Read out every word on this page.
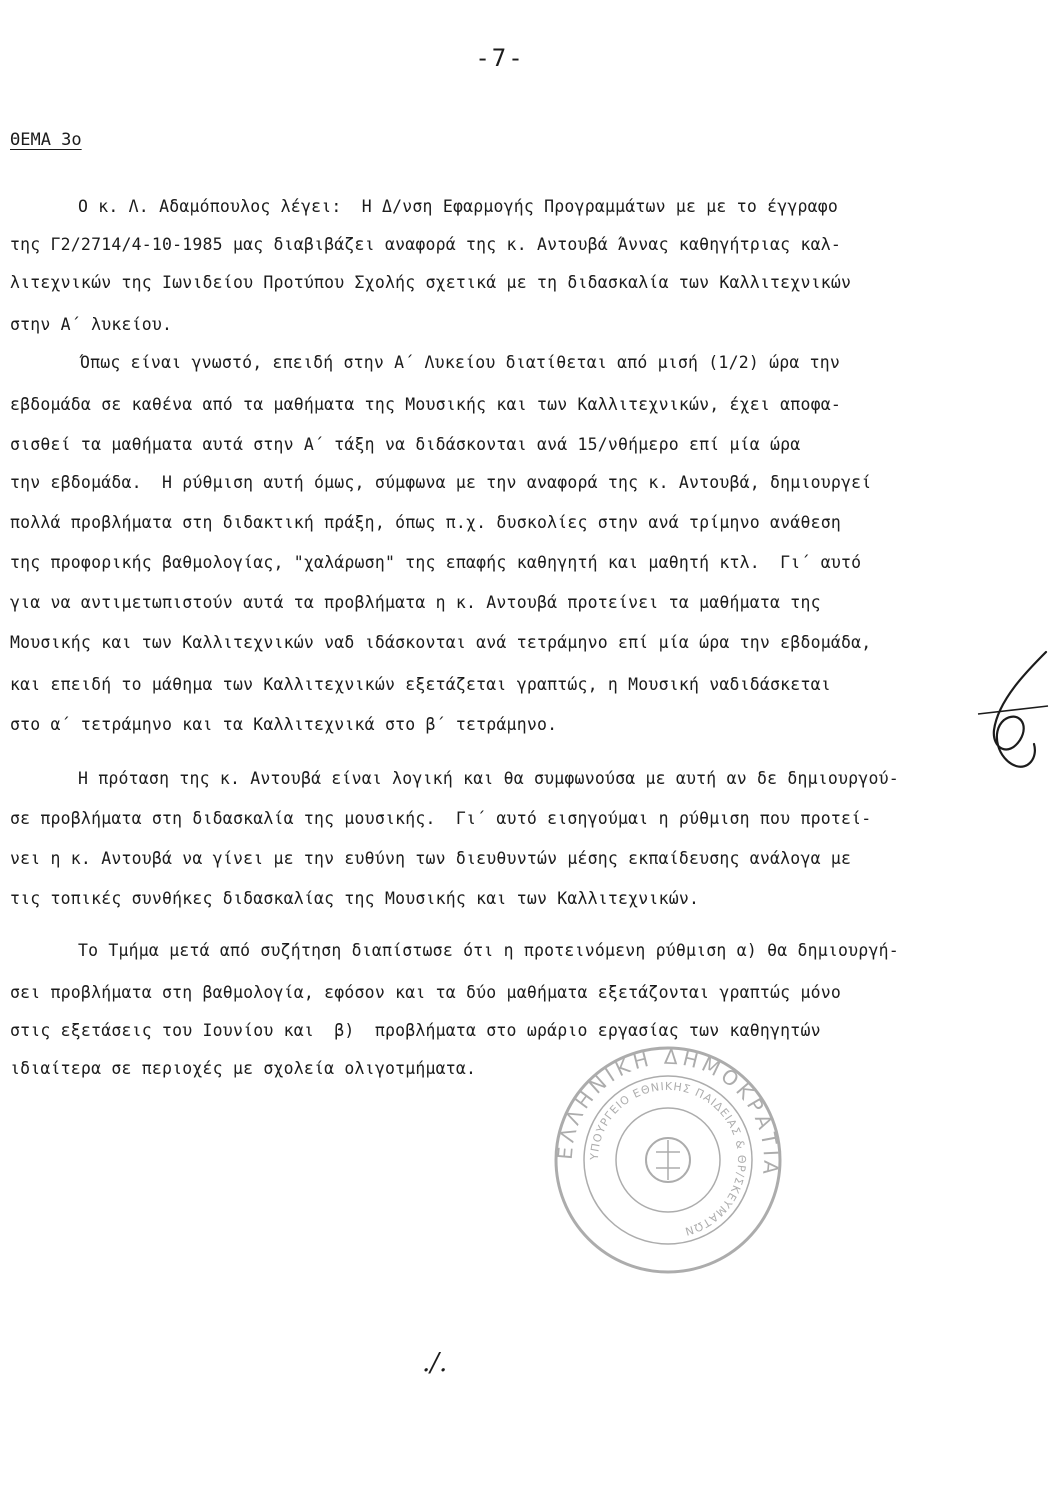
-7-
ΘΕΜΑ 3ο
Ο κ. Λ. Αδαμόπουλος λέγει:  Η Δ/νση Εφαρμογής Προγραμμάτων με με το έγγραφο
της Γ2/2714/4-10-1985 μας διαβιβάζει αναφορά της κ. Αντουβά Άννας καθηγήτριας καλ-
λιτεχνικών της Ιωνιδείου Προτύπου Σχολής σχετικά με τη διδασκαλία των Καλλιτεχνικών
στην Α΄ λυκείου.
Όπως είναι γνωστό, επειδή στην Α΄ Λυκείου διατίθεται από μισή (1/2) ώρα την
εβδομάδα σε καθένα από τα μαθήματα της Μουσικής και των Καλλιτεχνικών, έχει αποφα-
σισθεί τα μαθήματα αυτά στην Α΄ τάξη να διδάσκονται ανά 15/νθήμερο επί μία ώρα
την εβδομάδα.  Η ρύθμιση αυτή όμως, σύμφωνα με την αναφορά της κ. Αντουβά, δημιουργεί
πολλά προβλήματα στη διδακτική πράξη, όπως π.χ. δυσκολίες στην ανά τρίμηνο ανάθεση
της προφορικής βαθμολογίας, "χαλάρωση" της επαφής καθηγητή και μαθητή κτλ.  Γι΄ αυτό
για να αντιμετωπιστούν αυτά τα προβλήματα η κ. Αντουβά προτείνει τα μαθήματα της
Μουσικής και των Καλλιτεχνικών ναδ ιδάσκονται ανά τετράμηνο επί μία ώρα την εβδομάδα,
και επειδή το μάθημα των Καλλιτεχνικών εξετάζεται γραπτώς, η Μουσική ναδιδάσκεται
στο α΄ τετράμηνο και τα Καλλιτεχνικά στο β΄ τετράμηνο.
Η πρόταση της κ. Αντουβά είναι λογική και θα συμφωνούσα με αυτή αν δε δημιουργού-
σε προβλήματα στη διδασκαλία της μουσικής.  Γι΄ αυτό εισηγούμαι η ρύθμιση που προτεί-
νει η κ. Αντουβά να γίνει με την ευθύνη των διευθυντών μέσης εκπαίδευσης ανάλογα με
τις τοπικές συνθήκες διδασκαλίας της Μουσικής και των Καλλιτεχνικών.
Το Τμήμα μετά από συζήτηση διαπίστωσε ότι η προτεινόμενη ρύθμιση α) θα δημιουργή-
σει προβλήματα στη βαθμολογία, εφόσον και τα δύο μαθήματα εξετάζονται γραπτώς μόνο
στις εξετάσεις του Ιουνίου και  β)  προβλήματα στο ωράριο εργασίας των καθηγητών
ιδιαίτερα σε περιοχές με σχολεία ολιγοτμήματα.
ΕΛΛΗΝΙΚΗ ΔΗΜΟΚΡΑΤΙΑ
ΥΠΟΥΡΓΕΙΟ ΕΘΝΙΚΗΣ ΠΑΙΔΕΙΑΣ & ΘΡ/ΣΚΕΥΜΑΤΩΝ
./.
